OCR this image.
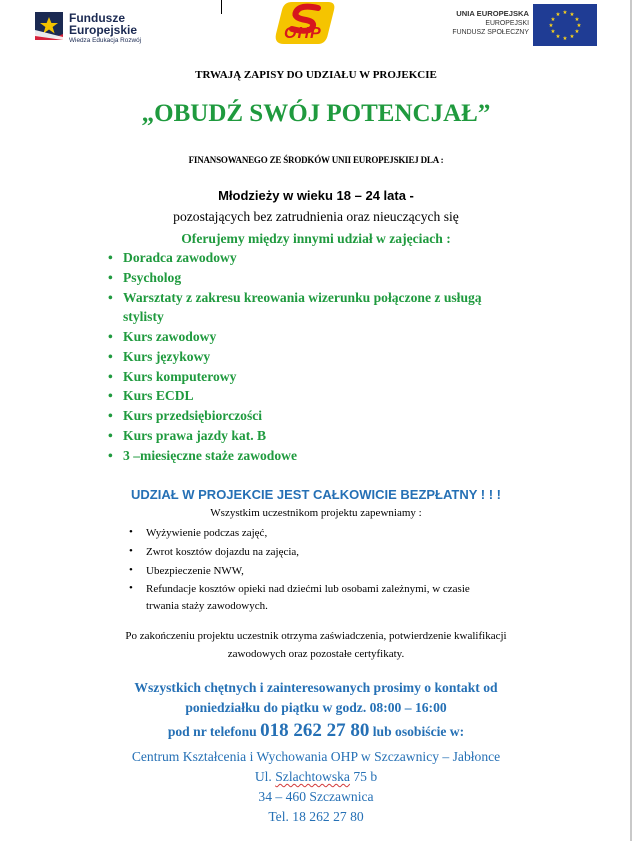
Fundusze
Europejskie
Wiedza Edukacja Rozwój	OHP
UNIA EUROPEJSKA
EUROPEJSKI
FUNDUSZ SPOŁECZNY
★ ★
★
★
★
★
★
★
★
★
★
★
TRWAJĄ ZAPISY DO UDZIAŁU W PROJEKCIE
„OBUDŹ SWÓJ POTENCJAŁ”
FINANSOWANEGO ZE ŚRODKÓW UNII EUROPEJSKIEJ DLA :
Młodzieży w wieku 18 – 24 lata -
pozostających bez zatrudnienia oraz nieuczących się
Oferujemy między innymi udział w zajęciach :
• Doradca zawodowy
• Psycholog
• Warsztaty z zakresu kreowania wizerunku połączone z usługą
stylisty
• Kurs zawodowy
• Kurs językowy
• Kurs komputerowy
• Kurs ECDL
• Kurs przedsiębiorczości
• Kurs prawa jazdy kat. B
• 3 –miesięczne staże zawodowe
UDZIAŁ W PROJEKCIE JEST CAŁKOWICIE BEZPŁATNY ! ! !
Wszystkim uczestnikom projektu zapewniamy :
• Wyżywienie podczas zajęć,
• Zwrot kosztów dojazdu na zajęcia,
• Ubezpieczenie NWW,
• Refundacje kosztów opieki nad dziećmi lub osobami zależnymi, w czasie
trwania staży zawodowych.
Po zakończeniu projektu uczestnik otrzyma zaświadczenia, potwierdzenie kwalifikacji
zawodowych oraz pozostałe certyfikaty.
Wszystkich chętnych i zainteresowanych prosimy o kontakt od
poniedziałku do piątku w godz. 08:00 – 16:00
pod nr telefonu 018 262 27 80 lub osobiście w:
Centrum Kształcenia i Wychowania OHP w Szczawnicy – Jabłonce
Ul. Szlachtowska 75 b
34 – 460 Szczawnica
Tel. 18 262 27 80
